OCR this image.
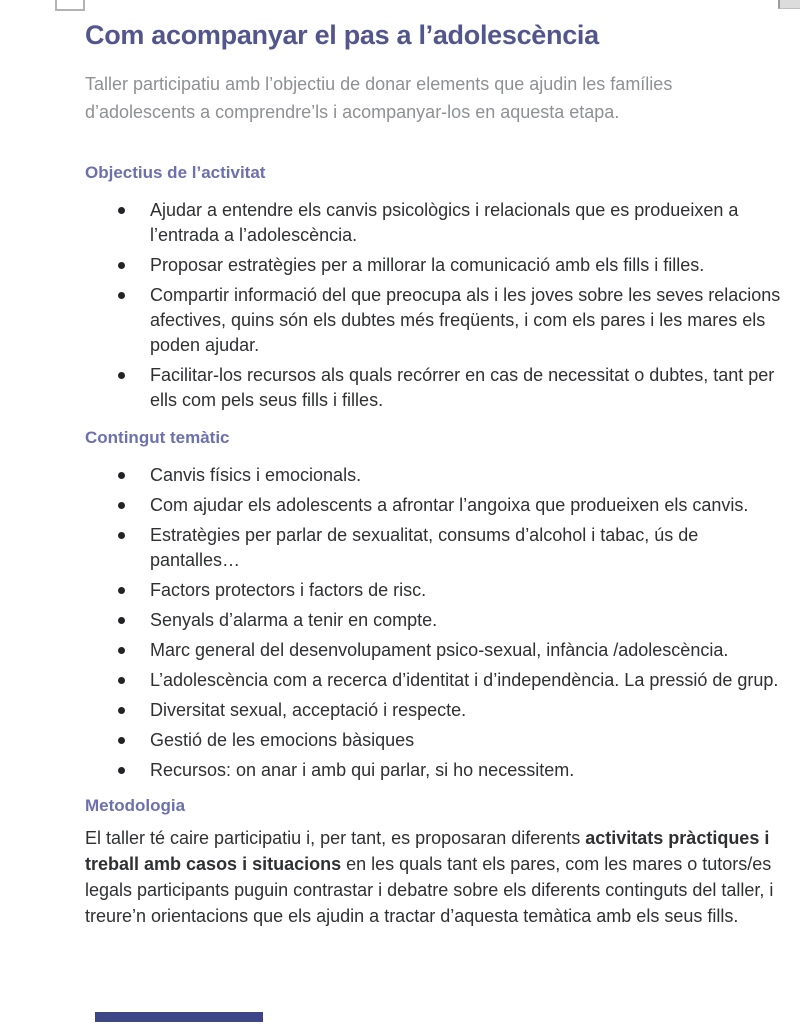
Com acompanyar el pas a l’adolescència

Taller participatiu amb l’objectiu de donar elements que ajudin les famílies d’adolescents a comprendre’ls i acompanyar-los en aquesta etapa.

Objectius de l’activitat
Ajudar a entendre els canvis psicològics i relacionals que es produeixen a l’entrada a l’adolescència.
Proposar estratègies per a millorar la comunicació amb els fills i filles.
Compartir informació del que preocupa als i les joves sobre les seves relacions afectives, quins són els dubtes més freqüents, i com els pares i les mares els poden ajudar.
Facilitar-los recursos als quals recórrer en cas de necessitat o dubtes, tant per ells com pels seus fills i filles.
Contingut temàtic
Canvis físics i emocionals.
Com ajudar els adolescents a afrontar l’angoixa que produeixen els canvis.
Estratègies per parlar de sexualitat, consums d’alcohol i tabac, ús de pantalles…
Factors protectors i factors de risc.
Senyals d’alarma a tenir en compte.
Marc general del desenvolupament psico-sexual, infància /adolescència.
L’adolescència com a recerca d’identitat i d’independència. La pressió de grup.
Diversitat sexual, acceptació i respecte.
Gestió de les emocions bàsiques
Recursos: on anar i amb qui parlar, si ho necessitem.
Metodologia

El taller té caire participatiu i, per tant, es proposaran diferents activitats pràctiques i treball amb casos i situacions en les quals tant els pares, com les mares o tutors/es legals participants puguin contrastar i debatre sobre els diferents continguts del taller, i treure’n orientacions que els ajudin a tractar d’aquesta temàtica amb els seus fills.
